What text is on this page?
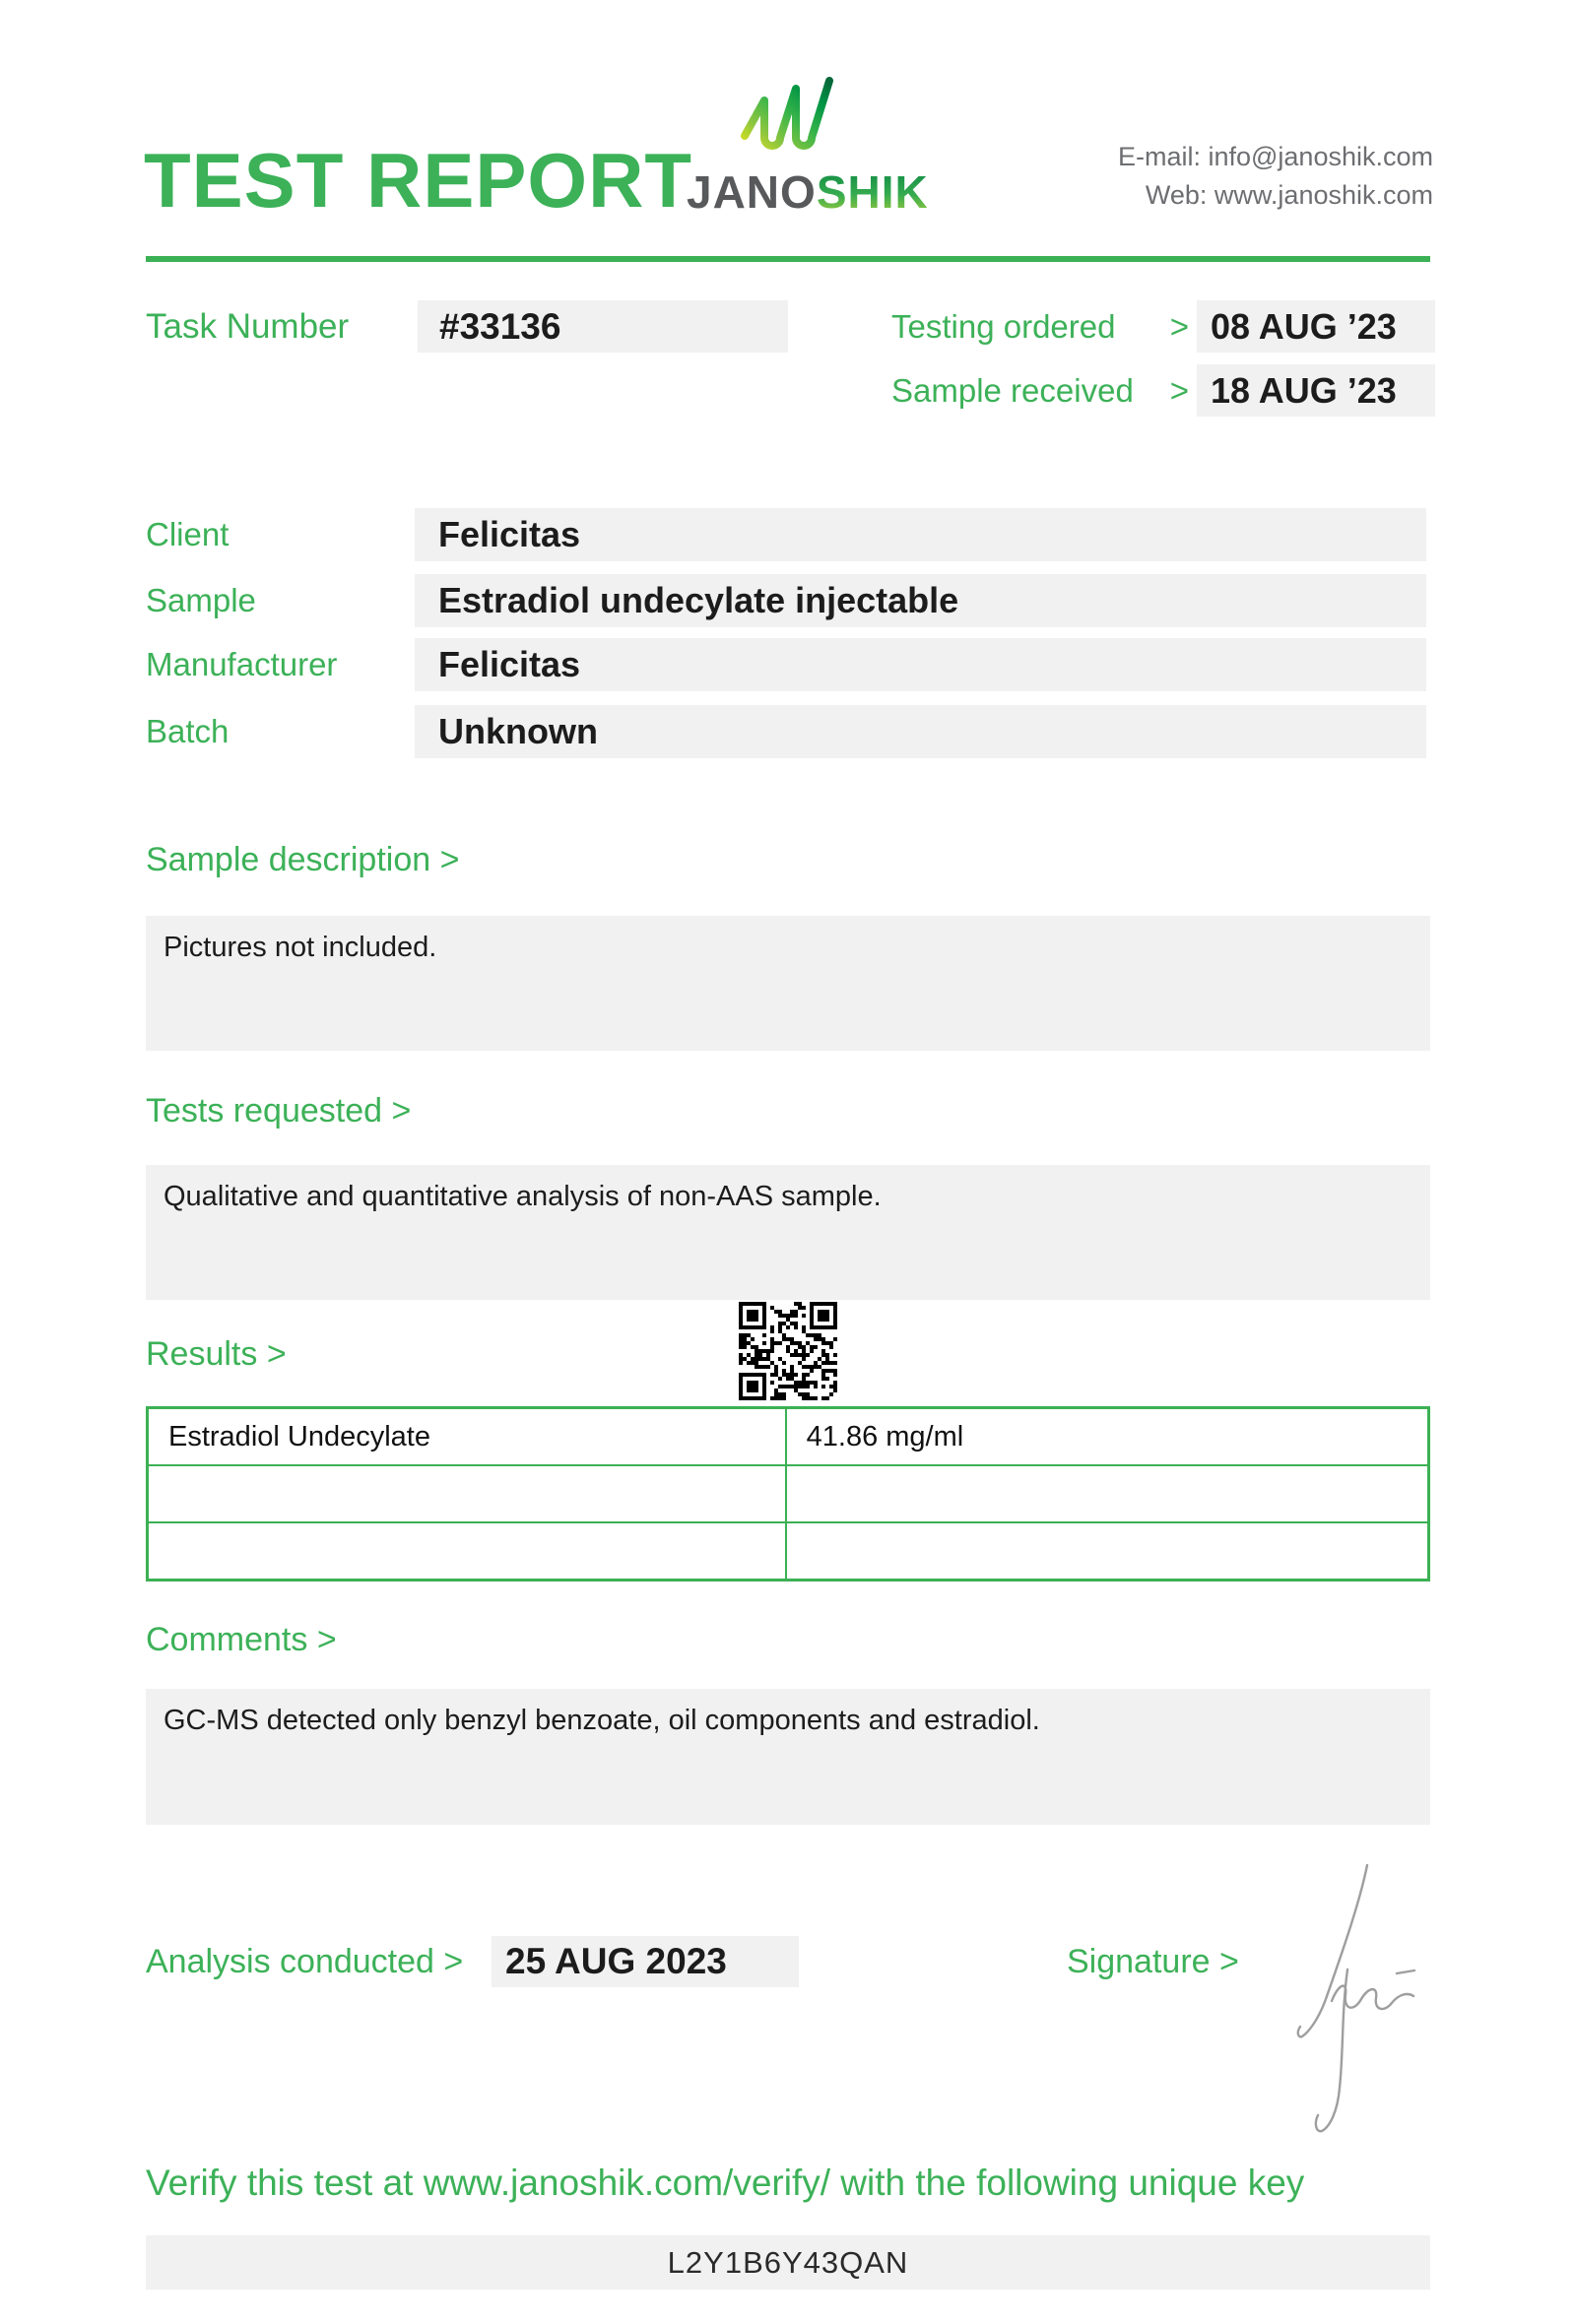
TEST REPORT
JANOSHIK
E-mail: info@janoshik.com
Web: www.janoshik.com
Task Number	#33136	Testing ordered > 08 AUG ’23
Sample received > 18 AUG ’23
Client	Felicitas
Sample	Estradiol undecylate injectable
Manufacturer	Felicitas
Batch	Unknown
Sample description >
Pictures not included.
Tests requested >
Qualitative and quantitative analysis of non-AAS sample.
Results >
Estradiol Undecylate	41.86 mg/ml

Comments >
GC-MS detected only benzyl benzoate, oil components and estradiol.
Analysis conducted >	25 AUG 2023	Signature >
Verify this test at www.janoshik.com/verify/ with the following unique key
L2Y1B6Y43QAN
